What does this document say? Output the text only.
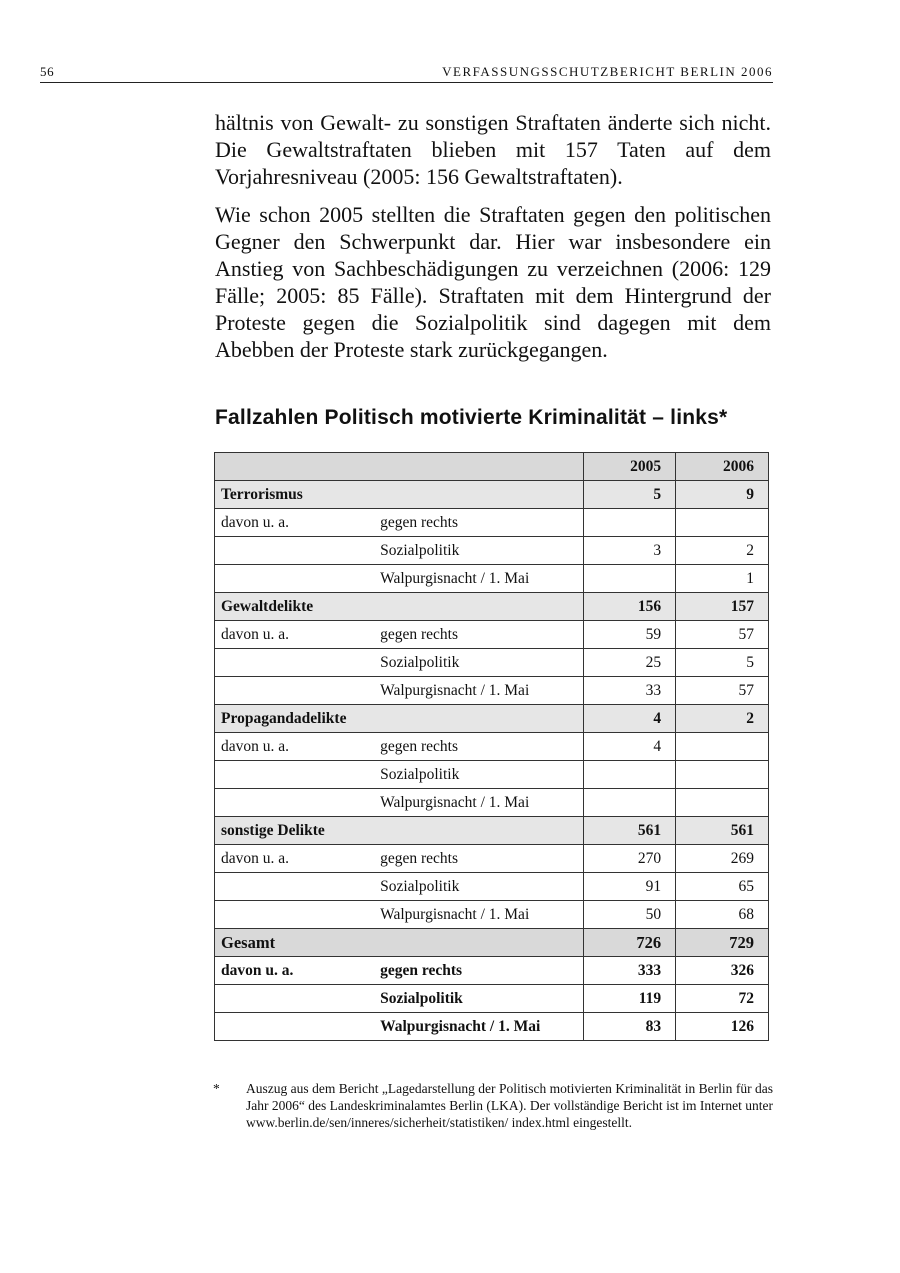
56	VERFASSUNGSSCHUTZBERICHT BERLIN 2006

hältnis von Gewalt- zu sonstigen Straftaten änderte sich nicht. Die Gewaltstraftaten blieben mit 157 Taten auf dem Vorjahresniveau (2005: 156 Gewaltstraftaten).

Wie schon 2005 stellten die Straftaten gegen den politischen Gegner den Schwerpunkt dar. Hier war insbesondere ein Anstieg von Sachbeschädigungen zu verzeichnen (2006: 129 Fälle; 2005: 85 Fälle). Straftaten mit dem Hintergrund der Proteste gegen die Sozialpolitik sind dagegen mit dem Abebben der Proteste stark zurückgegangen.

Fallzahlen Politisch motivierte Kriminalität – links*
		2005	2006
Terrorismus		5	9
davon u. a.	gegen rechts		
	Sozialpolitik	3	2
	Walpurgisnacht / 1. Mai		1
Gewaltdelikte		156	157
davon u. a.	gegen rechts	59	57
	Sozialpolitik	25	5
	Walpurgisnacht / 1. Mai	33	57
Propagandadelikte		4	2
davon u. a.	gegen rechts	4	
	Sozialpolitik		
	Walpurgisnacht / 1. Mai		
sonstige Delikte		561	561
davon u. a.	gegen rechts	270	269
	Sozialpolitik	91	65
	Walpurgisnacht / 1. Mai	50	68
Gesamt		726	729
davon u. a.	gegen rechts	333	326
	Sozialpolitik	119	72
	Walpurgisnacht / 1. Mai	83	126
* Auszug aus dem Bericht „Lagedarstellung der Politisch motivierten Kriminalität in Berlin für das Jahr 2006“ des Landeskriminalamtes Berlin (LKA). Der vollständige Bericht ist im Internet unter www.berlin.de/sen/inneres/sicherheit/statistiken/ index.html eingestellt.
